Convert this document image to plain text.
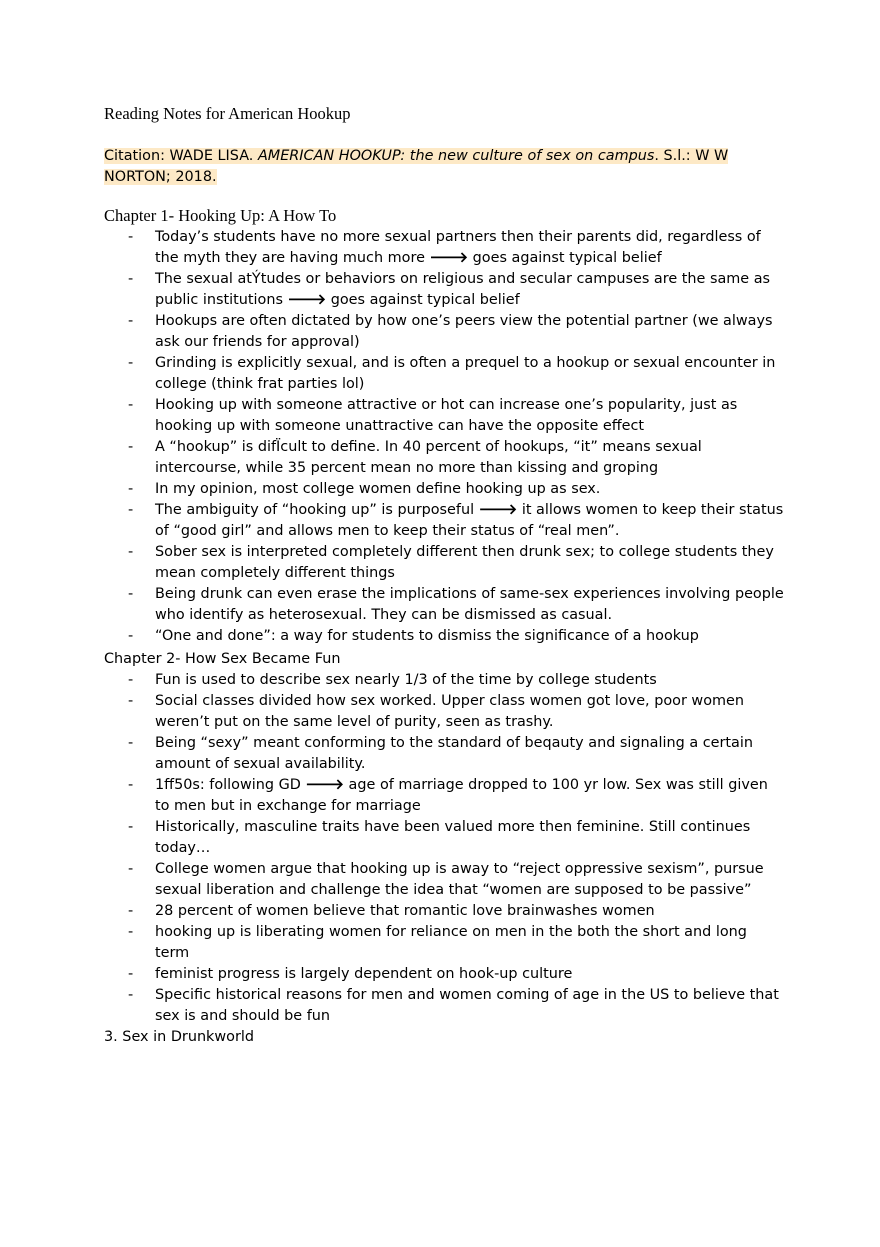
Reading Notes for American Hookup
Citation: WADE LISA. AMERICAN HOOKUP: the new culture of sex on campus. S.l.: W W NORTON; 2018.
Chapter 1- Hooking Up: A How To
- Today’s students have no more sexual partners then their parents did, regardless of the myth they are having much more 🡒 goes against typical belief
- The sexual atÝtudes or behaviors on religious and secular campuses are the same as public institutions 🡒 goes against typical belief
- Hookups are often dictated by how one’s peers view the potential partner (we always ask our friends for approval)
- Grinding is explicitly sexual, and is often a prequel to a hookup or sexual encounter in college (think frat parties lol)
- Hooking up with someone attractive or hot can increase one’s popularity, just as hooking up with someone unattractive can have the opposite effect
- A “hookup” is difÏcult to define. In 40 percent of hookups, “it” means sexual intercourse, while 35 percent mean no more than kissing and groping
- In my opinion, most college women define hooking up as sex.
- The ambiguity of “hooking up” is purposeful 🡒 it allows women to keep their status of “good girl” and allows men to keep their status of “real men”.
- Sober sex is interpreted completely different then drunk sex; to college students they mean completely different things
- Being drunk can even erase the implications of same-sex experiences involving people who identify as heterosexual. They can be dismissed as casual.
- “One and done”: a way for students to dismiss the significance of a hookup
Chapter 2- How Sex Became Fun
- Fun is used to describe sex nearly 1/3 of the time by college students
- Social classes divided how sex worked. Upper class women got love, poor women weren’t put on the same level of purity, seen as trashy.
- Being “sexy” meant conforming to the standard of beqauty and signaling a certain amount of sexual availability.
- 1ff50s: following GD 🡒 age of marriage dropped to 100 yr low. Sex was still given to men but in exchange for marriage
- Historically, masculine traits have been valued more then feminine. Still continues today…
- College women argue that hooking up is away to “reject oppressive sexism”, pursue sexual liberation and challenge the idea that “women are supposed to be passive”
- 28 percent of women believe that romantic love brainwashes women
- hooking up is liberating women for reliance on men in the both the short and long term
- feminist progress is largely dependent on hook-up culture
- Specific historical reasons for men and women coming of age in the US to believe that sex is and should be fun
3. Sex in Drunkworld
